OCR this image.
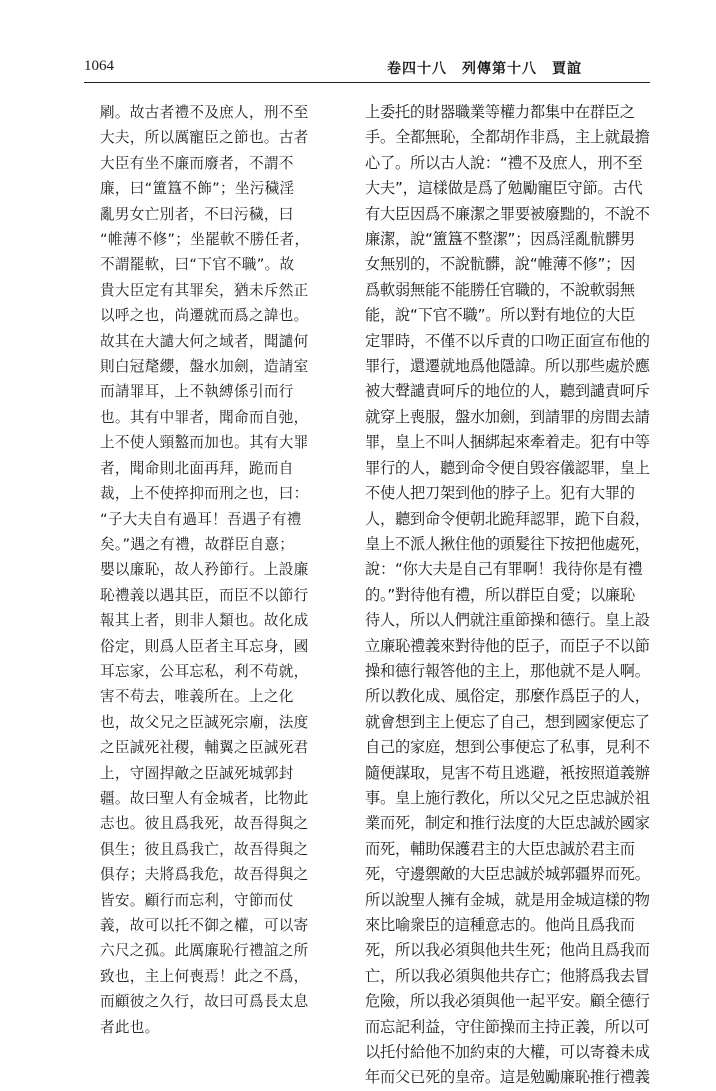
1064	卷四十八　列傳第十八　賈誼
㓾。故古者禮不及庶人，刑不至
大夫，所以厲寵臣之節也。古者
大臣有坐不廉而廢者，不謂不
廉，曰“簠簋不飾”；坐污穢淫
亂男女亡別者，不曰污穢，曰
“帷薄不修”；坐罷軟不勝任者，
不謂罷軟，曰“下官不職”。故
貴大臣定有其罪矣，猶未斥然正
以呼之也，尚遷就而爲之諱也。
故其在大譴大何之域者，聞譴何
則白冠氂纓，盤水加劍，造請室
而請罪耳，上不執縛係引而行
也。其有中罪者，聞命而自弛，
上不使人頸盭而加也。其有大罪
者，聞命則北面再拜，跪而自
裁，上不使捽抑而刑之也，曰：
“子大夫自有過耳！吾遇子有禮
矣。”遇之有禮，故群臣自憙；
嬰以廉恥，故人矜節行。上設廉
恥禮義以遇其臣，而臣不以節行
報其上者，則非人類也。故化成
俗定，則爲人臣者主耳忘身，國
耳忘家，公耳忘私，利不苟就，
害不苟去，唯義所在。上之化
也，故父兄之臣誠死宗廟，法度
之臣誠死社稷，輔翼之臣誠死君
上，守圄捍敵之臣誠死城郭封
疆。故曰聖人有金城者，比物此
志也。彼且爲我死，故吾得與之
俱生；彼且爲我亡，故吾得與之
俱存；夫將爲我危，故吾得與之
皆安。顧行而忘利，守節而仗
義，故可以托不御之權，可以寄
六尺之孤。此厲廉恥行禮誼之所
致也，主上何喪焉！此之不爲，
而顧彼之久行，故曰可爲長太息
者此也。
上委托的財器職業等權力都集中在群臣之
手。全都無恥，全都胡作非爲，主上就最擔
心了。所以古人說：“禮不及庶人，刑不至
大夫”，這樣做是爲了勉勵寵臣守節。古代
有大臣因爲不廉潔之罪要被廢黜的，不說不
廉潔，說“簠簋不整潔”；因爲淫亂骯髒男
女無别的，不說骯髒，說“帷薄不修”；因
爲軟弱無能不能勝任官職的，不說軟弱無
能，說“下官不職”。所以對有地位的大臣
定罪時，不僅不以斥責的口吻正面宣布他的
罪行，還遷就地爲他隱諱。所以那些處於應
被大聲譴責呵斥的地位的人，聽到譴責呵斥
就穿上喪服，盤水加劍，到請罪的房間去請
罪，皇上不叫人捆綁起來牽着走。犯有中等
罪行的人，聽到命令便自毁容儀認罪，皇上
不使人把刀架到他的脖子上。犯有大罪的
人，聽到命令便朝北跪拜認罪，跪下自殺，
皇上不派人揪住他的頭髮往下按把他處死，
說：“你大夫是自己有罪啊！我待你是有禮
的。”對待他有禮，所以群臣自愛；以廉恥
待人，所以人們就注重節操和德行。皇上設
立廉恥禮義來對待他的臣子，而臣子不以節
操和德行報答他的主上，那他就不是人啊。
所以教化成、風俗定，那麼作爲臣子的人，
就會想到主上便忘了自己，想到國家便忘了
自己的家庭，想到公事便忘了私事，見利不
隨便謀取，見害不苟且逃避，衹按照道義辦
事。皇上施行教化，所以父兄之臣忠誠於祖
業而死，制定和推行法度的大臣忠誠於國家
而死，輔助保護君主的大臣忠誠於君主而
死，守邊禦敵的大臣忠誠於城郭疆界而死。
所以說聖人擁有金城，就是用金城這樣的物
來比喻衆臣的這種意志的。他尚且爲我而
死，所以我必須與他共生死；他尚且爲我而
亡，所以我必須與他共存亡；他將爲我去冒
危險，所以我必須與他一起平安。顧全德行
而忘記利益，守住節操而主持正義，所以可
以托付給他不加約束的大權，可以寄養未成
年而父已死的皇帝。這是勉勵廉恥推行禮義
